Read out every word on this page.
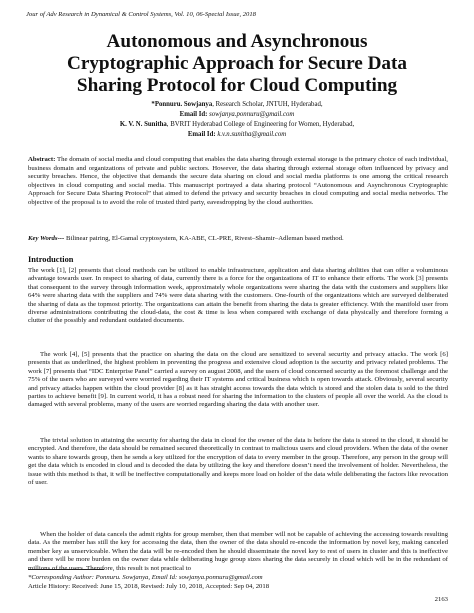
Jour of Adv Research in Dynamical & Control Systems, Vol. 10, 06-Special Issue, 2018
Autonomous and Asynchronous
Cryptographic Approach for Secure Data
Sharing Protocol for Cloud Computing
*Ponnuru. Sowjanya, Research Scholar, JNTUH, Hyderabad,
Email Id: sowjanya.ponnuru@gmail.com
K. V. N. Sunitha, BVRIT Hyderabad College of Engineering for Women, Hyderabad,
Email Id: k.v.n.sunitha@gmail.com
Abstract: The domain of social media and cloud computing that enables the data sharing through external storage is the primary choice of each individual, business domain and organizations of private and public sectors. However, the data sharing through external storage often influenced by privacy and security breaches. Hence, the objective that demands the secure data sharing on cloud and social media platforms is one among the critical research objectives in cloud computing and social media. This manuscript portrayed a data sharing protocol “Autonomous and Asynchronous Cryptographic Approach for Secure Data Sharing Protocol” that aimed to defend the privacy and security breaches in cloud computing and social media networks. The objective of the proposal is to avoid the role of trusted third party, eavesdropping by the cloud authorities.
Key Words--- Bilinear pairing, El-Gamal cryptosystem, KA-ABE, CL-PRE, Rivest–Shamir–Adleman based method.
Introduction
The work [1], [2] presents that cloud methods can be utilized to enable infrastructure, application and data sharing abilities that can offer a voluminous advantage towards user. In respect to sharing of data, currently there is a force for the organizations of IT to enhance their efforts. The work [3] presents that consequent to the survey through information week, approximately whole organizations were sharing the data with the customers and suppliers like 64% were sharing data with the suppliers and 74% were data sharing with the customers. One-fourth of the organizations which are surveyed deliberated the sharing of data as the topmost priority. The organizations can attain the benefit from sharing the data is greater efficiency. With the manifold user from diverse administrations contributing the cloud-data, the cost & time is less when compared with exchange of data physically and therefore forming a clutter of the possibly and redundant outdated documents.
The work [4], [5] presents that the practice on sharing the data on the cloud are sensitized to several security and privacy attacks. The work [6] presents that as underlined, the highest problem in preventing the progress and extensive cloud adoption is the security and privacy related problems. The work [7] presents that “IDC Enterprise Panel” carried a survey on august 2008, and the users of cloud concerned security as the foremost challenge and the 75% of the users who are surveyed were worried regarding their IT systems and critical business which is open towards attack. Obviously, several security and privacy attacks happen within the cloud provider [8] as it has straight access towards the data which is stored and the stolen data is sold to the third parties to achieve benefit [9]. In current world, it has a robust need for sharing the information to the clusters of people all over the world. As the cloud is damaged with several problems, many of the users are worried regarding sharing the data with another user.
The trivial solution in attaining the security for sharing the data in cloud for the owner of the data is before the data is stored in the cloud, it should be encrypted. And therefore, the data should be remained secured theoretically in contrast to malicious users and cloud providers. When the data of the owner wants to share towards group, then he sends a key utilized for the encryption of data to every member in the group. Therefore, any person in the group will get the data which is encoded in cloud and is decoded the data by utilizing the key and therefore doesn’t need the involvement of holder. Nevertheless, the issue with this method is that, it will be ineffective computationally and keeps more load on holder of the data while deliberating the factors like revocation of user.
When the holder of data cancels the admit rights for group member, then that member will not be capable of achieving the accessing towards resulting data. As the member has still the key for accessing the data, then the owner of the data should re-encode the information by novel key, making canceled member key as unserviceable. When the data will be re-encoded then he should disseminate the novel key to rest of users in cluster and this is ineffective and there will be more burden on the owner data while deliberating huge group sizes sharing the data securely in cloud which will be in the redundant of millions of the users. Therefore, this result is not practical to
*Corresponding Author: Ponnuru. Sowjanya, Email Id: sowjanya.ponnuru@gmail.com
Article History: Received: June 15, 2018, Revised: July 10, 2018, Accepted: Sep 04, 2018
2163
